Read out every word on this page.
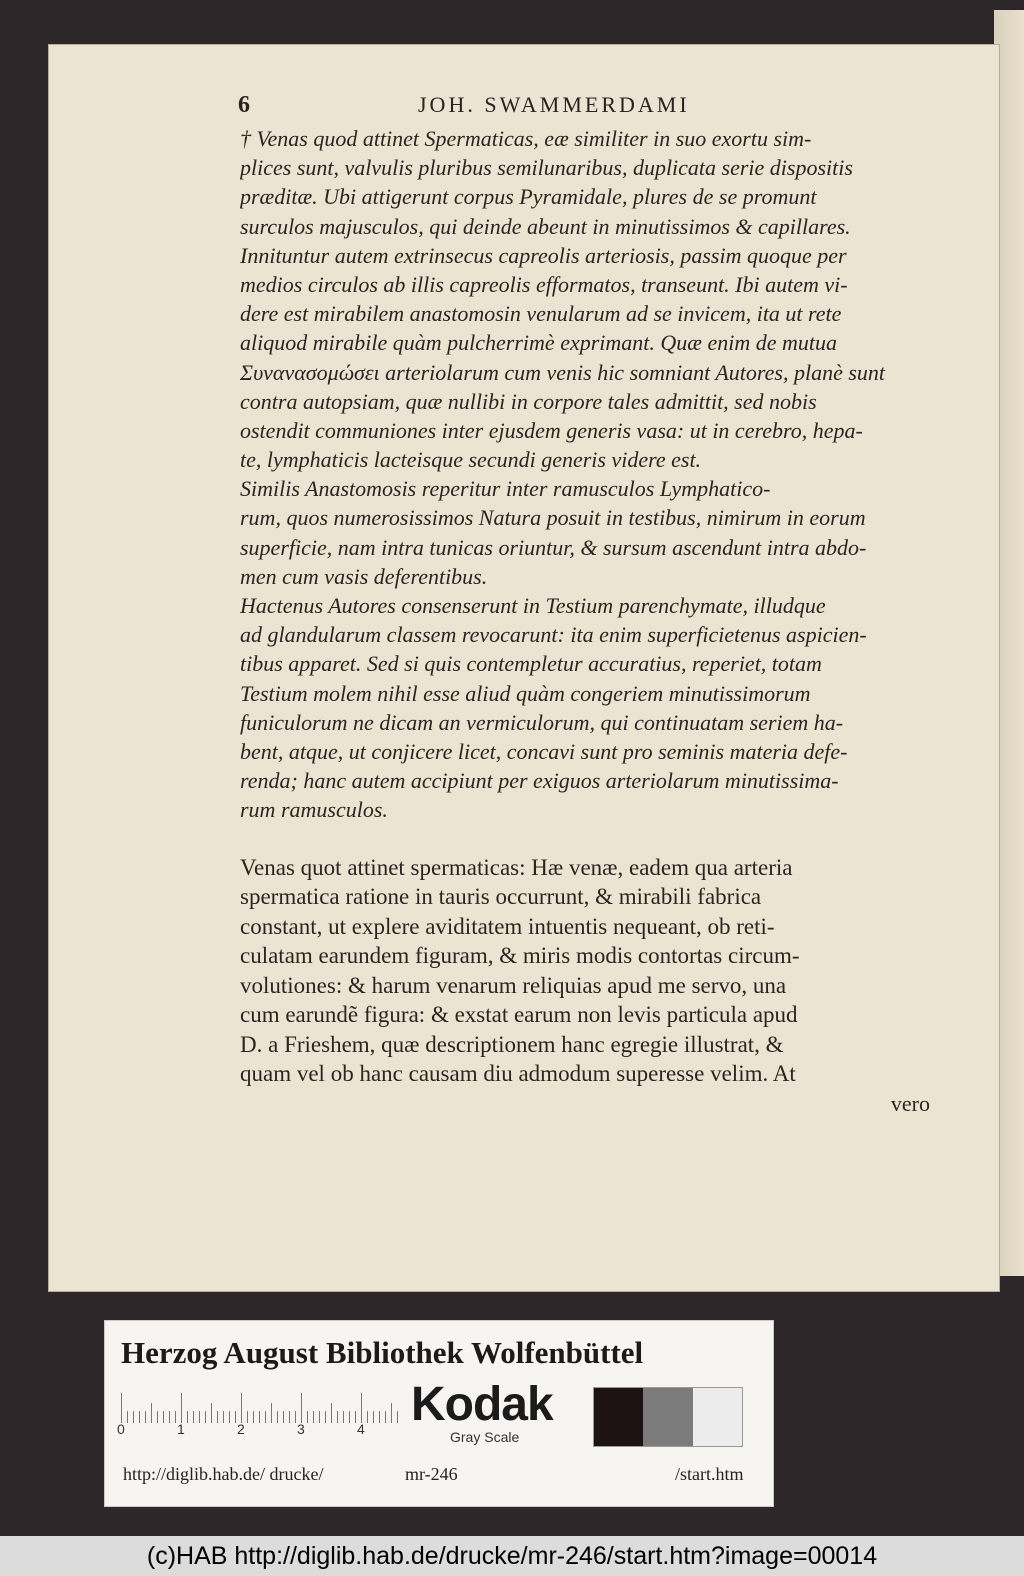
6	JOH. SWAMMERDAMI
† Venas quod attinet Spermaticas, eæ similiter in suo exortu sim-
plices sunt, valvulis pluribus semilunaribus, duplicata serie dispositis
præditæ. Ubi attigerunt corpus Pyramidale, plures de se promunt
surculos majusculos, qui deinde abeunt in minutissimos & capillares.
Innituntur autem extrinsecus capreolis arteriosis, passim quoque per
medios circulos ab illis capreolis efformatos, transeunt. Ibi autem vi-
dere est mirabilem anastomosin venularum ad se invicem, ita ut rete
aliquod mirabile quàm pulcherrimè exprimant. Quæ enim de mutua
Συνανασομώσει arteriolarum cum venis hic somniant Autores, planè sunt
contra autopsiam, quæ nullibi in corpore tales admittit, sed nobis
ostendit communiones inter ejusdem generis vasa: ut in cerebro, hepa-
te, lymphaticis lacteisque secundi generis videre est.
Similis Anastomosis reperitur inter ramusculos Lymphatico-
rum, quos numerosissimos Natura posuit in testibus, nimirum in eorum
superficie, nam intra tunicas oriuntur, & sursum ascendunt intra abdo-
men cum vasis deferentibus.
Hactenus Autores consenserunt in Testium parenchymate, illudque
ad glandularum classem revocarunt: ita enim superficietenus aspicien-
tibus apparet. Sed si quis contempletur accuratius, reperiet, totam
Testium molem nihil esse aliud quàm congeriem minutissimorum
funiculorum ne dicam an vermiculorum, qui continuatam seriem ha-
bent, atque, ut conjicere licet, concavi sunt pro seminis materia defe-
renda; hanc autem accipiunt per exiguos arteriolarum minutissima-
rum ramusculos.
Venas quot attinet spermaticas: Hæ venæ, eadem qua arteria
spermatica ratione in tauris occurrunt, & mirabili fabrica
constant, ut explere aviditatem intuentis nequeant, ob reti-
culatam earundem figuram, & miris modis contortas circum-
volutiones: & harum venarum reliquias apud me servo, una
cum earundẽ figura: & exstat earum non levis particula apud
D. a Frieshem, quæ descriptionem hanc egregie illustrat, &
quam vel ob hanc causam diu admodum superesse velim. At
vero
Herzog August Bibliothek Wolfenbüttel
0	1	2	3	4 Kodak
Gray Scale
http://diglib.hab.de/ drucke/	mr-246	/start.htm
(c)HAB http://diglib.hab.de/drucke/mr-246/start.htm?image=00014
